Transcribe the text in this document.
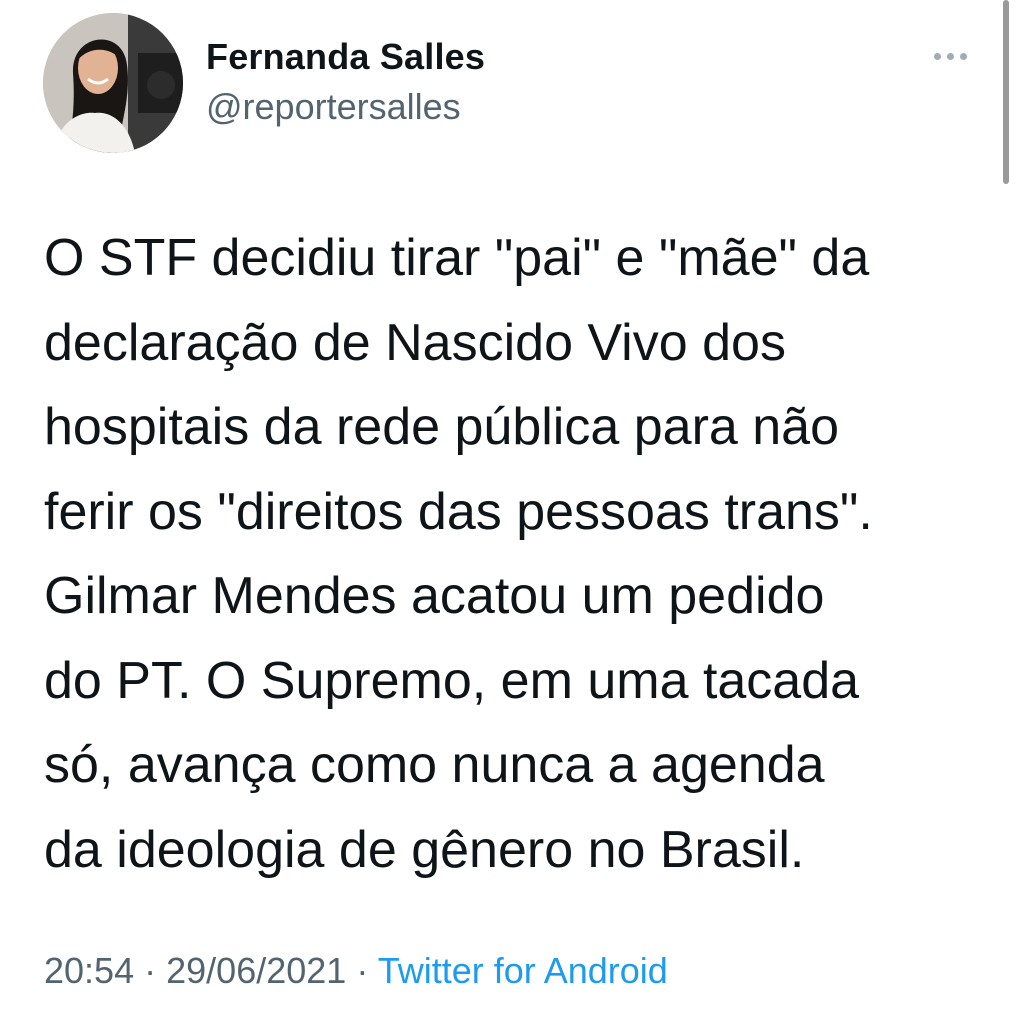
Fernanda Salles
@reportersalles

O STF decidiu tirar "pai" e "mãe" da
declaração de Nascido Vivo dos
hospitais da rede pública para não
ferir os "direitos das pessoas trans".
Gilmar Mendes acatou um pedido
do PT. O Supremo, em uma tacada
só, avança como nunca a agenda
da ideologia de gênero no Brasil.

20:54 · 29/06/2021 · Twitter for Android
